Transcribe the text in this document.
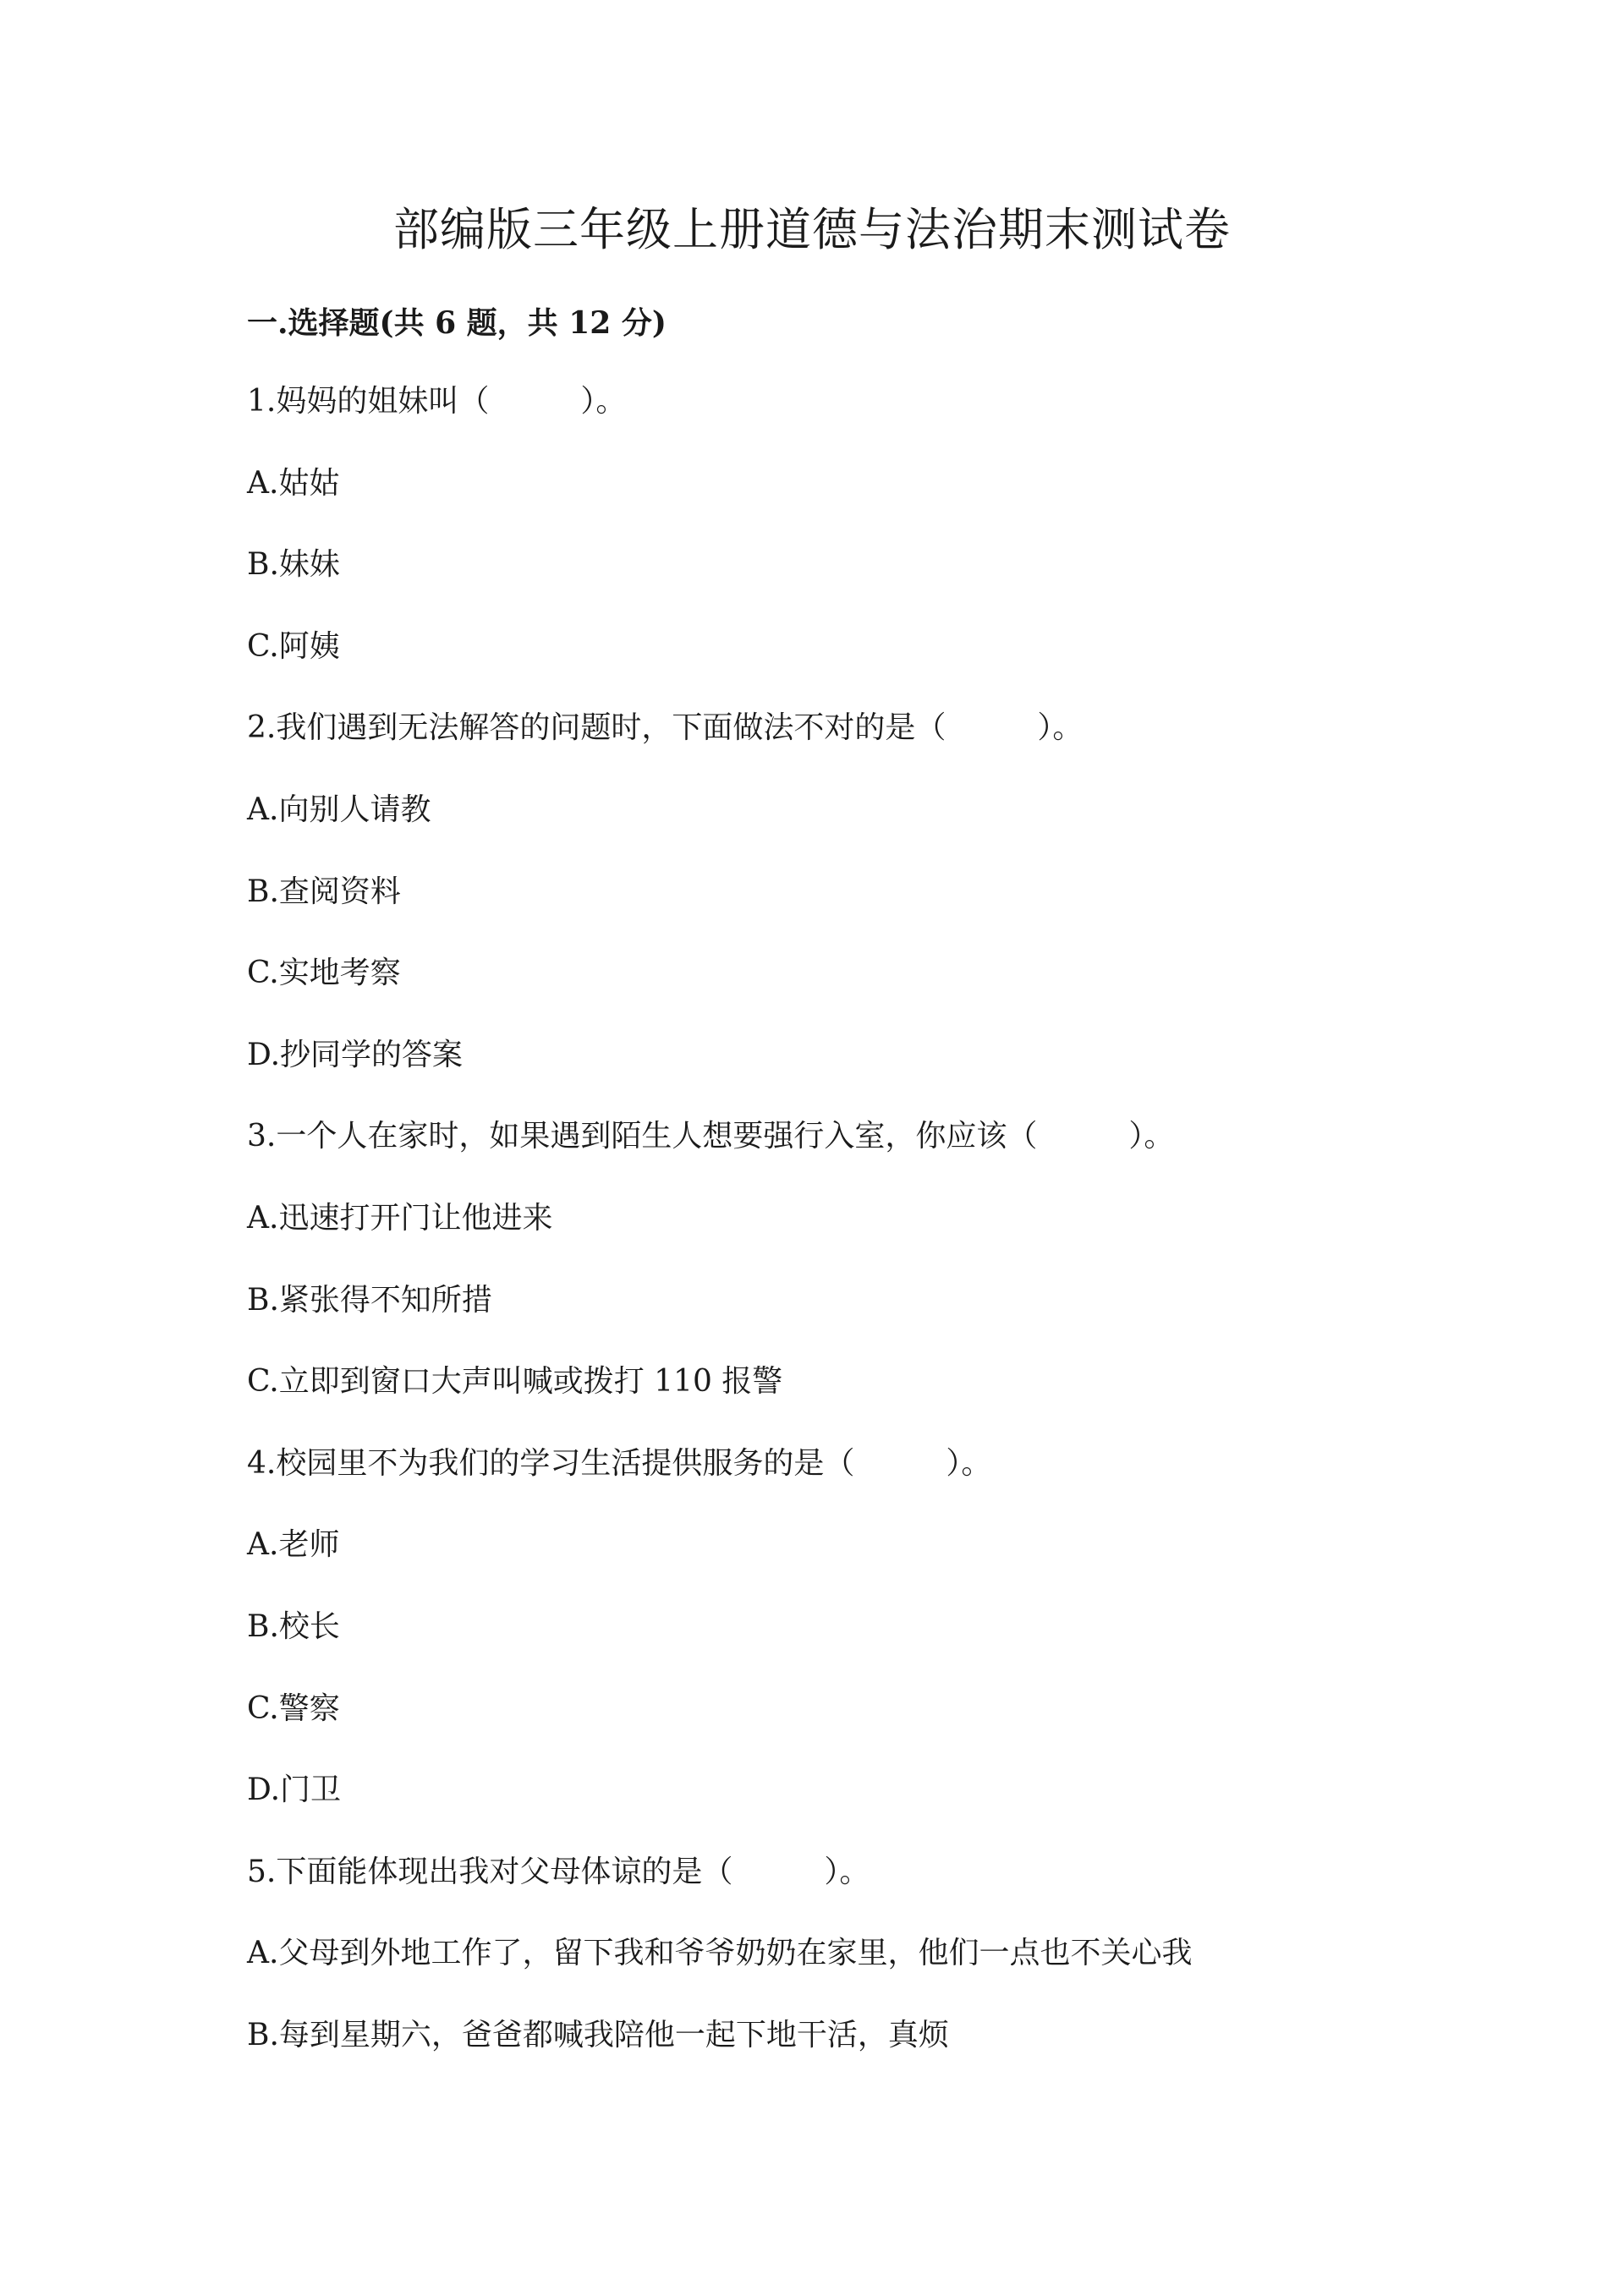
部编版三年级上册道德与法治期末测试卷
一.选择题(共 6 题，共 12 分)
1.妈妈的姐妹叫（　　　）。
A.姑姑
B.妹妹
C.阿姨
2.我们遇到无法解答的问题时，下面做法不对的是（　　　）。
A.向别人请教
B.查阅资料
C.实地考察
D.抄同学的答案
3.一个人在家时，如果遇到陌生人想要强行入室，你应该（　　　）。
A.迅速打开门让他进来
B.紧张得不知所措
C.立即到窗口大声叫喊或拨打 110 报警
4.校园里不为我们的学习生活提供服务的是（　　　）。
A.老师
B.校长
C.警察
D.门卫
5.下面能体现出我对父母体谅的是（　　　）。
A.父母到外地工作了，留下我和爷爷奶奶在家里，他们一点也不关心我
B.每到星期六，爸爸都喊我陪他一起下地干活，真烦
